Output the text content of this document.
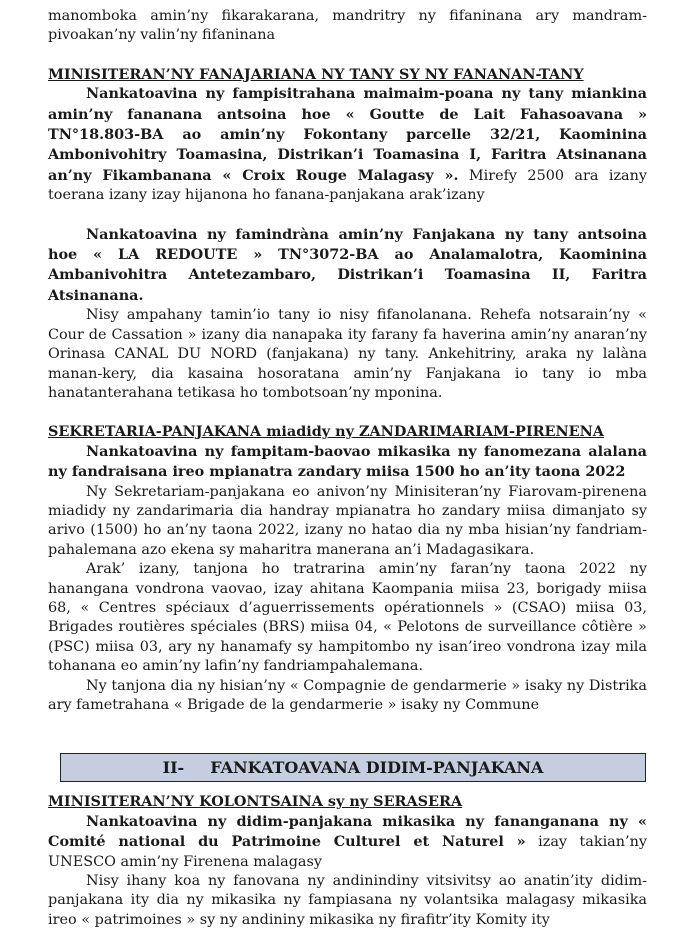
manomboka amin’ny fikarakarana, mandritry ny fifaninana ary mandram-pivoakan’ny valin’ny fifaninana

MINISITERAN’NY FANAJARIANA NY TANY SY NY FANANAN-TANY

Nankatoavina ny fampisitrahana maimaim-poana ny tany miankina amin’ny fananana antsoina hoe « Goutte de Lait Fahasoavana » TN°18.803-BA ao amin’ny Fokontany parcelle 32/21, Kaominina Ambonivohitry Toamasina, Distrikan’i Toamasina I, Faritra Atsinanana an’ny Fikambanana « Croix Rouge Malagasy ». Mirefy 2500 ara izany toerana izany izay hijanona ho fanana-panjakana arak’izany

Nankatoavina ny famindràna amin’ny Fanjakana ny tany antsoina hoe « LA REDOUTE » TN°3072-BA ao Analamalotra, Kaominina Ambanivohitra Antetezambaro, Distrikan’i Toamasina II, Faritra Atsinanana.

Nisy ampahany tamin’io tany io nisy fifanolanana. Rehefa notsarain’ny « Cour de Cassation » izany dia nanapaka ity farany fa haverina amin’ny anaran’ny Orinasa CANAL DU NORD (fanjakana) ny tany. Ankehitriny, araka ny lalàna manan-kery, dia kasaina hosoratana amin’ny Fanjakana io tany io mba hanatanterahana tetikasa ho tombotsoan’ny mponina.

SEKRETARIA-PANJAKANA miadidy ny ZANDARIMARIAM-PIRENENA

Nankatoavina ny fampitam-baovao mikasika ny fanomezana alalana ny fandraisana ireo mpianatra zandary miisa 1500 ho an’ity taona 2022

Ny Sekretariam-panjakana eo anivon’ny Minisiteran’ny Fiarovam-pirenena miadidy ny zandarimaria dia handray mpianatra ho zandary miisa dimanjato sy arivo (1500) ho an’ny taona 2022, izany no hatao dia ny mba hisian’ny fandriam-pahalemana azo ekena sy maharitra manerana an’i Madagasikara.

Arak’ izany, tanjona ho tratrarina amin’ny faran’ny taona 2022 ny hanangana vondrona vaovao, izay ahitana Kaompania miisa 23, borigady miisa 68, « Centres spéciaux d’aguerrissements opérationnels » (CSAO) miisa 03, Brigades routières spéciales (BRS) miisa 04, « Pelotons de surveillance côtière » (PSC) miisa 03, ary ny hanamafy sy hampitombo ny isan’ireo vondrona izay mila tohanana eo amin’ny lafin’ny fandriampahalemana.

Ny tanjona dia ny hisian’ny « Compagnie de gendarmerie » isaky ny Distrika ary fametrahana « Brigade de la gendarmerie » isaky ny Commune

II- FANKATOAVANA DIDIM-PANJAKANA

MINISITERAN’NY KOLONTSAINA sy ny SERASERA

Nankatoavina ny didim-panjakana mikasika ny fananganana ny « Comité national du Patrimoine Culturel et Naturel » izay takian’ny UNESCO amin’ny Firenena malagasy

Nisy ihany koa ny fanovana ny andinindiny vitsivitsy ao anatin’ity didim-panjakana ity dia ny mikasika ny fampiasana ny volantsika malagasy mikasika ireo « patrimoines » sy ny andininy mikasika ny firafitr’ity Komity ity
